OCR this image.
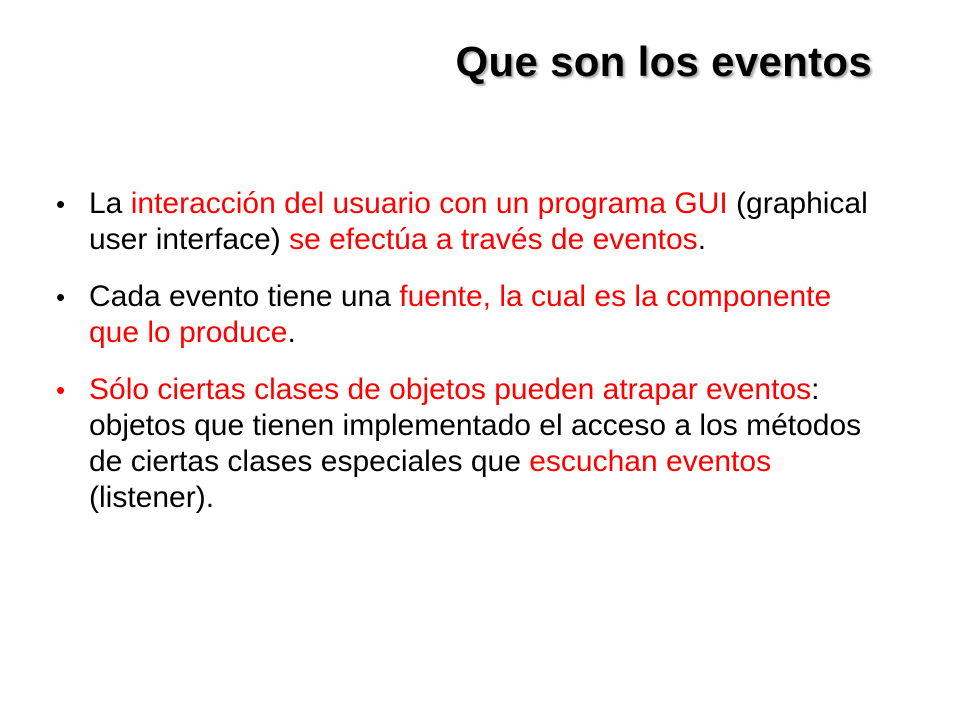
Que son los eventos
• La interacción del usuario con un programa GUI (graphical user interface) se efectúa a través de eventos.
• Cada evento tiene una fuente, la cual es la componente que lo produce.
• Sólo ciertas clases de objetos pueden atrapar eventos: objetos que tienen implementado el acceso a los métodos de ciertas clases especiales que escuchan eventos (listener).
